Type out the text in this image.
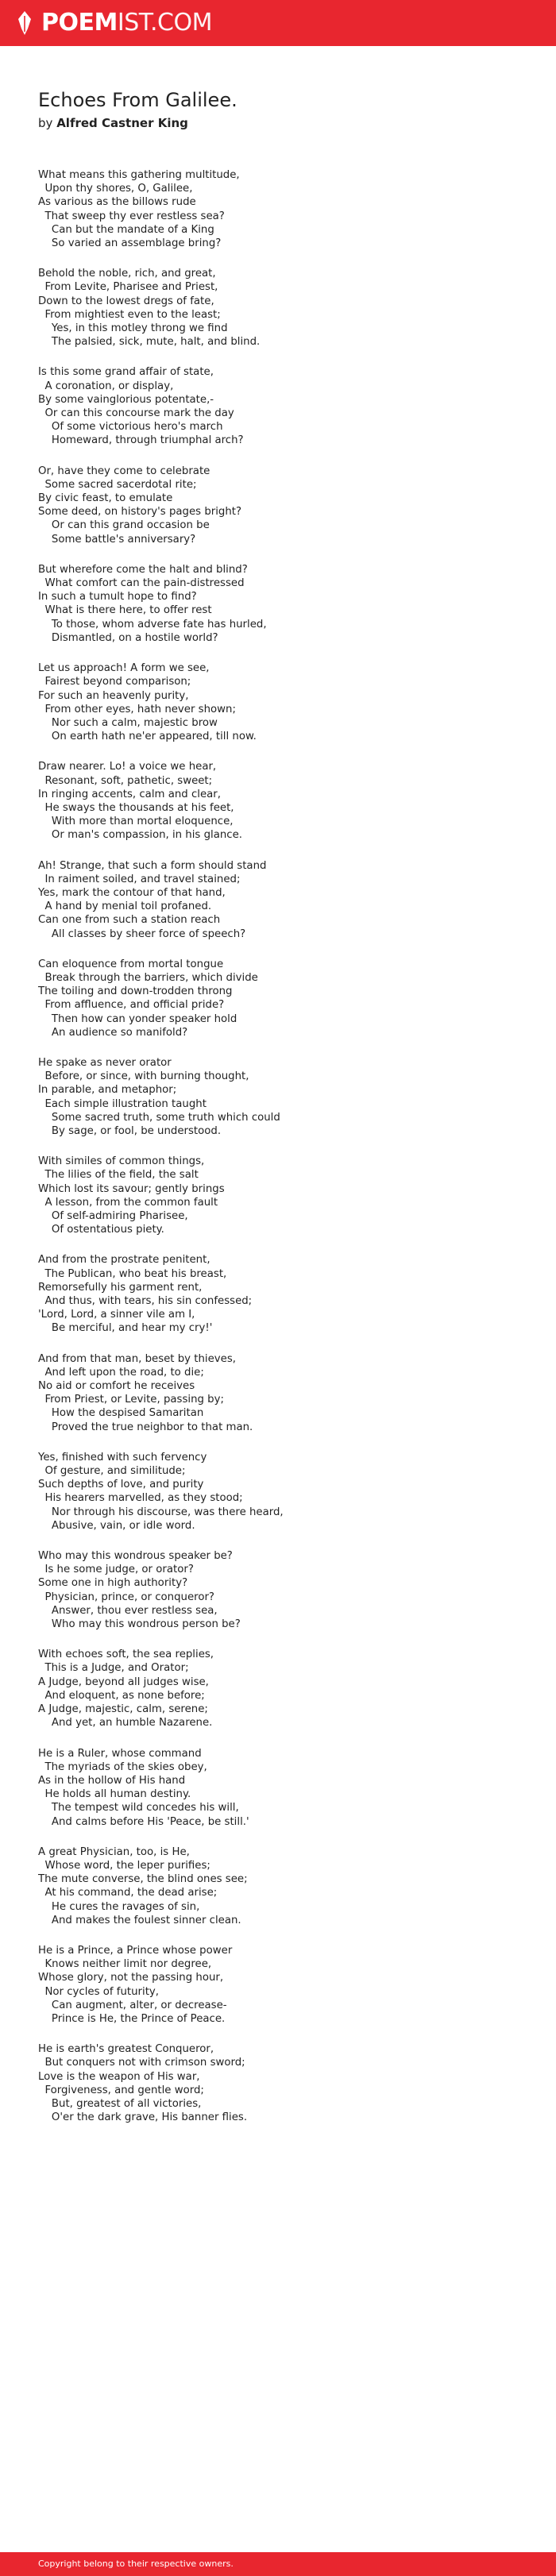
POEMIST.COM
Echoes From Galilee.
by Alfred Castner King
What means this gathering multitude,
Upon thy shores, O, Galilee,
As various as the billows rude
That sweep thy ever restless sea?
Can but the mandate of a King
So varied an assemblage bring?
Behold the noble, rich, and great,
From Levite, Pharisee and Priest,
Down to the lowest dregs of fate,
From mightiest even to the least;
Yes, in this motley throng we find
The palsied, sick, mute, halt, and blind.
Is this some grand affair of state,
A coronation, or display,
By some vainglorious potentate,-
Or can this concourse mark the day
Of some victorious hero's march
Homeward, through triumphal arch?
Or, have they come to celebrate
Some sacred sacerdotal rite;
By civic feast, to emulate
Some deed, on history's pages bright?
Or can this grand occasion be
Some battle's anniversary?
But wherefore come the halt and blind?
What comfort can the pain-distressed
In such a tumult hope to find?
What is there here, to offer rest
To those, whom adverse fate has hurled,
Dismantled, on a hostile world?
Let us approach! A form we see,
Fairest beyond comparison;
For such an heavenly purity,
From other eyes, hath never shown;
Nor such a calm, majestic brow
On earth hath ne'er appeared, till now.
Draw nearer. Lo! a voice we hear,
Resonant, soft, pathetic, sweet;
In ringing accents, calm and clear,
He sways the thousands at his feet,
With more than mortal eloquence,
Or man's compassion, in his glance.
Ah! Strange, that such a form should stand
In raiment soiled, and travel stained;
Yes, mark the contour of that hand,
A hand by menial toil profaned.
Can one from such a station reach
All classes by sheer force of speech?
Can eloquence from mortal tongue
Break through the barriers, which divide
The toiling and down-trodden throng
From affluence, and official pride?
Then how can yonder speaker hold
An audience so manifold?
He spake as never orator
Before, or since, with burning thought,
In parable, and metaphor;
Each simple illustration taught
Some sacred truth, some truth which could
By sage, or fool, be understood.
With similes of common things,
The lilies of the field, the salt
Which lost its savour; gently brings
A lesson, from the common fault
Of self-admiring Pharisee,
Of ostentatious piety.
And from the prostrate penitent,
The Publican, who beat his breast,
Remorsefully his garment rent,
And thus, with tears, his sin confessed;
'Lord, Lord, a sinner vile am I,
Be merciful, and hear my cry!'
And from that man, beset by thieves,
And left upon the road, to die;
No aid or comfort he receives
From Priest, or Levite, passing by;
How the despised Samaritan
Proved the true neighbor to that man.
Yes, finished with such fervency
Of gesture, and similitude;
Such depths of love, and purity
His hearers marvelled, as they stood;
Nor through his discourse, was there heard,
Abusive, vain, or idle word.
Who may this wondrous speaker be?
Is he some judge, or orator?
Some one in high authority?
Physician, prince, or conqueror?
Answer, thou ever restless sea,
Who may this wondrous person be?
With echoes soft, the sea replies,
This is a Judge, and Orator;
A Judge, beyond all judges wise,
And eloquent, as none before;
A Judge, majestic, calm, serene;
And yet, an humble Nazarene.
He is a Ruler, whose command
The myriads of the skies obey,
As in the hollow of His hand
He holds all human destiny.
The tempest wild concedes his will,
And calms before His 'Peace, be still.'
A great Physician, too, is He,
Whose word, the leper purifies;
The mute converse, the blind ones see;
At his command, the dead arise;
He cures the ravages of sin,
And makes the foulest sinner clean.
He is a Prince, a Prince whose power
Knows neither limit nor degree,
Whose glory, not the passing hour,
Nor cycles of futurity,
Can augment, alter, or decrease-
Prince is He, the Prince of Peace.
He is earth's greatest Conqueror,
But conquers not with crimson sword;
Love is the weapon of His war,
Forgiveness, and gentle word;
But, greatest of all victories,
O'er the dark grave, His banner flies.
Copyright belong to their respective owners.
